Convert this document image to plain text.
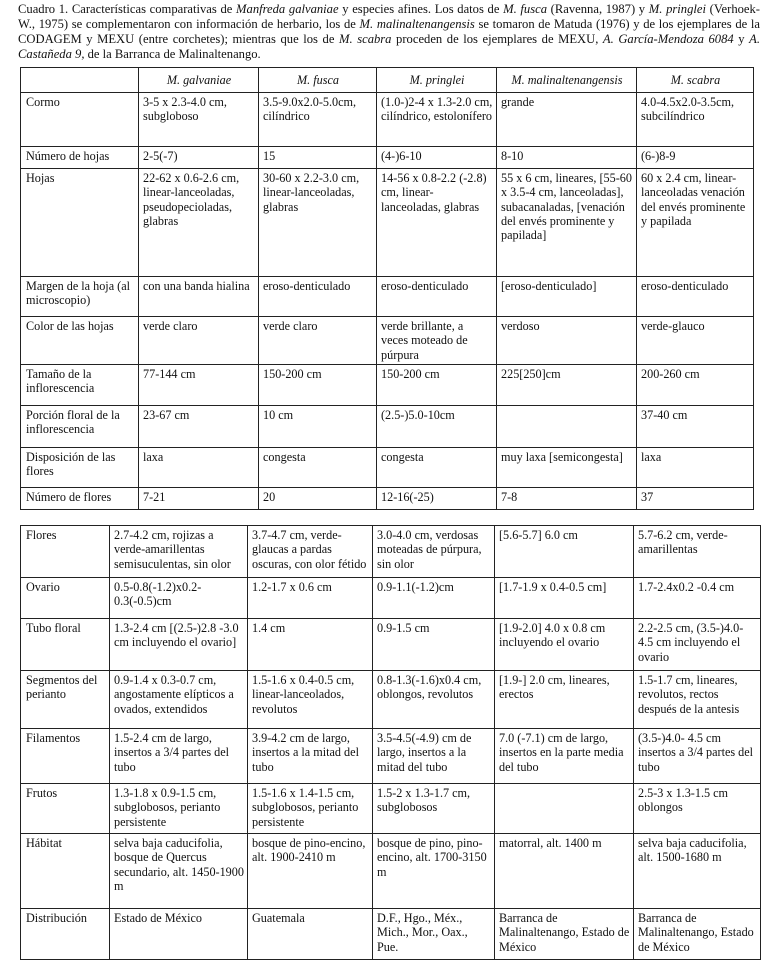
Cuadro 1. Características comparativas de Manfreda galvaniae y especies afines. Los datos de M. fusca (Ravenna, 1987) y M. pringlei (Verhoek-W., 1975) se complementaron con información de herbario, los de M. malinaltenangensis se tomaron de Matuda (1976) y de los ejemplares de la CODAGEM y MEXU (entre corchetes); mientras que los de M. scabra proceden de los ejemplares de MEXU, A. García-Mendoza 6084 y A. Castañeda 9, de la Barranca de Malinaltenango.
	M. galvaniae	M. fusca	M. pringlei	M. malinaltenangensis	M. scabra
Cormo	3-5 x 2.3-4.0 cm, subgloboso	3.5-9.0x2.0-5.0cm, cilíndrico	(1.0-)2-4 x 1.3-2.0 cm, cilíndrico, estolonífero	grande	4.0-4.5x2.0-3.5cm, subcilíndrico
Número de hojas	2-5(-7)	15	(4-)6-10	8-10	(6-)8-9
Hojas	22-62 x 0.6-2.6 cm, linear-lanceoladas, pseudopecioladas, glabras	30-60 x 2.2-3.0 cm, linear-lanceoladas, glabras	14-56 x 0.8-2.2 (-2.8) cm, linear-lanceoladas, glabras	55 x 6 cm, lineares, [55-60 x 3.5-4 cm, lanceoladas], subacanaladas, [venación del envés prominente y papilada]	60 x 2.4 cm, linear-lanceoladas venación del envés prominente y papilada
Margen de la hoja (al microscopio)	con una banda hialina	eroso-denticulado	eroso-denticulado	[eroso-denticulado]	eroso-denticulado
Color de las hojas	verde claro	verde claro	verde brillante, a veces moteado de púrpura	verdoso	verde-glauco
Tamaño de la inflorescencia	77-144 cm	150-200 cm	150-200 cm	225[250]cm	200-260 cm
Porción floral de la inflorescencia	23-67 cm	10 cm	(2.5-)5.0-10cm		37-40 cm
Disposición de las flores	laxa	congesta	congesta	muy laxa [semicongesta]	laxa
Número de flores	7-21	20	12-16(-25)	7-8	37
Flores	2.7-4.2 cm, rojizas a verde-amarillentas semisuculentas, sin olor	3.7-4.7 cm, verde-glaucas a pardas oscuras, con olor fétido	3.0-4.0 cm, verdosas moteadas de púrpura, sin olor	[5.6-5.7] 6.0 cm	5.7-6.2 cm, verde-amarillentas
Ovario	0.5-0.8(-1.2)x0.2-0.3(-0.5)cm	1.2-1.7 x 0.6 cm	0.9-1.1(-1.2)cm	[1.7-1.9 x 0.4-0.5 cm]	1.7-2.4x0.2 -0.4 cm
Tubo floral	1.3-2.4 cm [(2.5-)2.8 -3.0 cm incluyendo el ovario]	1.4 cm	0.9-1.5 cm	[1.9-2.0] 4.0 x 0.8 cm incluyendo el ovario	2.2-2.5 cm, (3.5-)4.0-4.5 cm incluyendo el ovario
Segmentos del perianto	0.9-1.4 x 0.3-0.7 cm, angostamente elípticos a ovados, extendidos	1.5-1.6 x 0.4-0.5 cm, linear-lanceolados, revolutos	0.8-1.3(-1.6)x0.4 cm, oblongos, revolutos	[1.9-] 2.0 cm, lineares, erectos	1.5-1.7 cm, lineares, revolutos, rectos después de la antesis
Filamentos	1.5-2.4 cm de largo, insertos a 3/4 partes del tubo	3.9-4.2 cm de largo, insertos a la mitad del tubo	3.5-4.5(-4.9) cm de largo, insertos a la mitad del tubo	7.0 (-7.1) cm de largo, insertos en la parte media del tubo	(3.5-)4.0- 4.5 cm insertos a 3/4 partes del tubo
Frutos	1.3-1.8 x 0.9-1.5 cm, subglobosos, perianto persistente	1.5-1.6 x 1.4-1.5 cm, subglobosos, perianto persistente	1.5-2 x 1.3-1.7 cm, subglobosos		2.5-3 x 1.3-1.5 cm oblongos
Hábitat	selva baja caducifolia, bosque de Quercus secundario, alt. 1450-1900 m	bosque de pino-encino, alt. 1900-2410 m	bosque de pino, pino-encino, alt. 1700-3150 m	matorral, alt. 1400 m	selva baja caducifolia, alt. 1500-1680 m
Distribución	Estado de México	Guatemala	D.F., Hgo., Méx., Mich., Mor., Oax., Pue.	Barranca de Malinaltenango, Estado de México	Barranca de Malinaltenango, Estado de México
